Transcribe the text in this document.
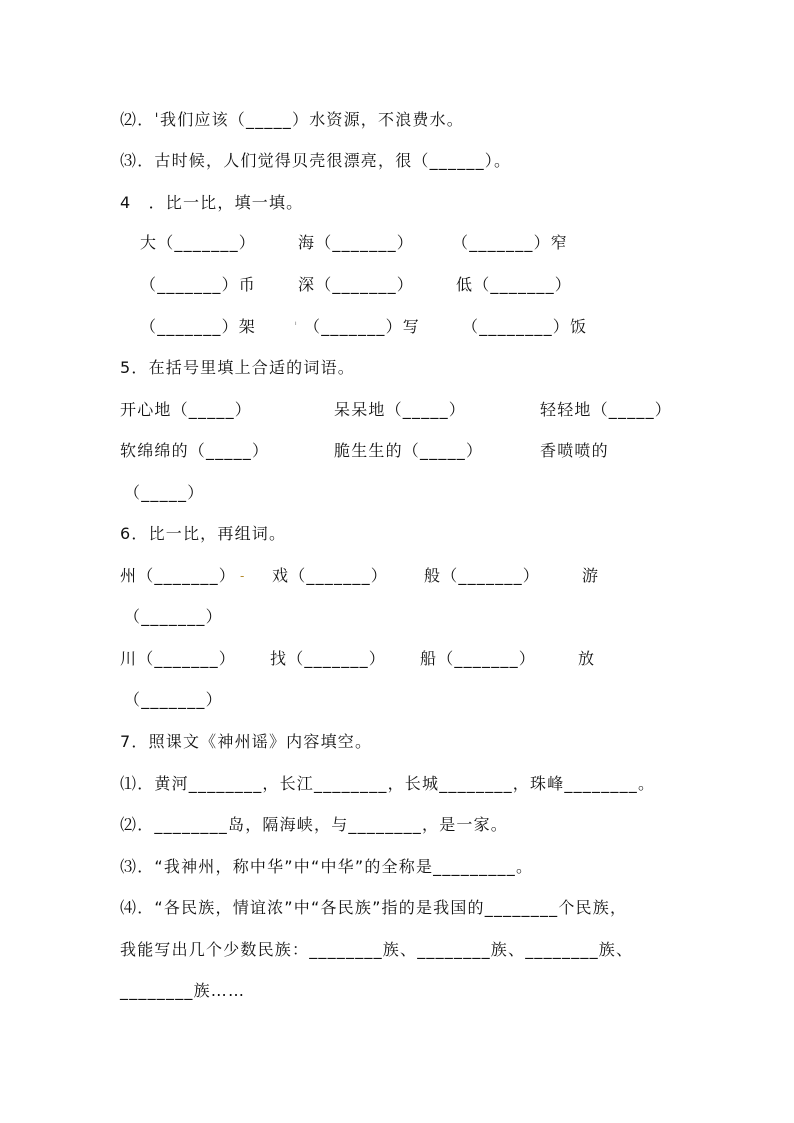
⑵．ˈ我们应该（_____）水资源，不浪费水。
⑶．古时候，人们觉得贝壳很漂亮，很（______）。
4　．比一比，填一填。
大（_______）	海（_______） （_______）窄
（_______）币	深（_______）	低（_______）
（_______）架	ˈ （_______）写	（________）饭
5．在括号里填上合适的词语。
开心地（_____）	呆呆地（_____）	轻轻地（_____）
软绵绵的（_____）	脆生生的（_____）	香喷喷的
（_____）
6．比一比，再组词。
州（_______） - 戏（_______） 般（_______）	游
（_______）
川（_______） 找（_______） 船（_______）	放
（_______）
7．照课文《神州谣》内容填空。
⑴．黄河________，长江________，长城________，珠峰________。
⑵．________岛，隔海峡，与________，是一家。
⑶．“我神州，称中华”中“中华”的全称是_________。
⑷．“各民族，情谊浓”中“各民族”指的是我国的________个民族，
我能写出几个少数民族：________族、________族、________族、
________族……
